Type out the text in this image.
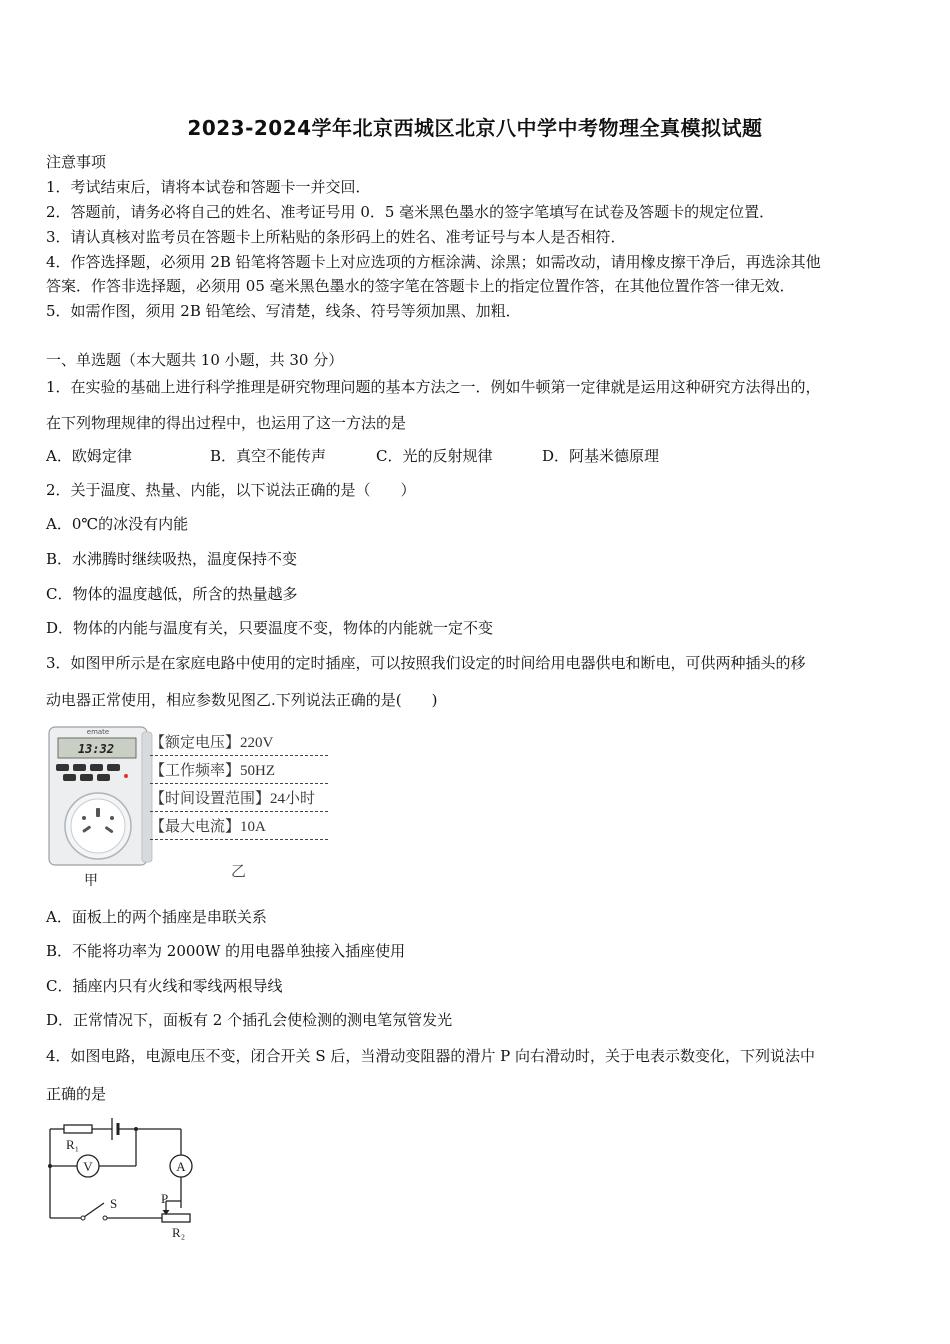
2023-2024学年北京西城区北京八中学中考物理全真模拟试题
注意事项
1．考试结束后，请将本试卷和答题卡一并交回．
2．答题前，请务必将自己的姓名、准考证号用 0．5 毫米黑色墨水的签字笔填写在试卷及答题卡的规定位置．
3．请认真核对监考员在答题卡上所粘贴的条形码上的姓名、准考证号与本人是否相符．
4．作答选择题，必须用 2B 铅笔将答题卡上对应选项的方框涂满、涂黑；如需改动，请用橡皮擦干净后，再选涂其他
答案．作答非选择题，必须用 05 毫米黑色墨水的签字笔在答题卡上的指定位置作答，在其他位置作答一律无效．
5．如需作图，须用 2B 铅笔绘、写清楚，线条、符号等须加黑、加粗．
一、单选题（本大题共 10 小题，共 30 分）
1．在实验的基础上进行科学推理是研究物理问题的基本方法之一．例如牛顿第一定律就是运用这种研究方法得出的，
在下列物理规律的得出过程中，也运用了这一方法的是
A．欧姆定律	B．真空不能传声	C．光的反射规律	D．阿基米德原理
2．关于温度、热量、内能，以下说法正确的是（　　）
A．0℃的冰没有内能
B．水沸腾时继续吸热，温度保持不变
C．物体的温度越低，所含的热量越多
D．物体的内能与温度有关，只要温度不变，物体的内能就一定不变
3．如图甲所示是在家庭电路中使用的定时插座，可以按照我们设定的时间给用电器供电和断电，可供两种插头的移
动电器正常使用，相应参数见图乙.下列说法正确的是(　　)
emate
13:32
甲
乙
【额定电压】220V
【工作频率】50HZ
【时间设置范围】24小时
【最大电流】10A
A．面板上的两个插座是串联关系
B．不能将功率为 2000W 的用电器单独接入插座使用
C．插座内只有火线和零线两根导线
D．正常情况下，面板有 2 个插孔会使检测的测电笔氖管发光
4．如图电路，电源电压不变，闭合开关 S 后，当滑动变阻器的滑片 P 向右滑动时，关于电表示数变化，下列说法中
正确的是
R₁
V	A
S	P
R₂
